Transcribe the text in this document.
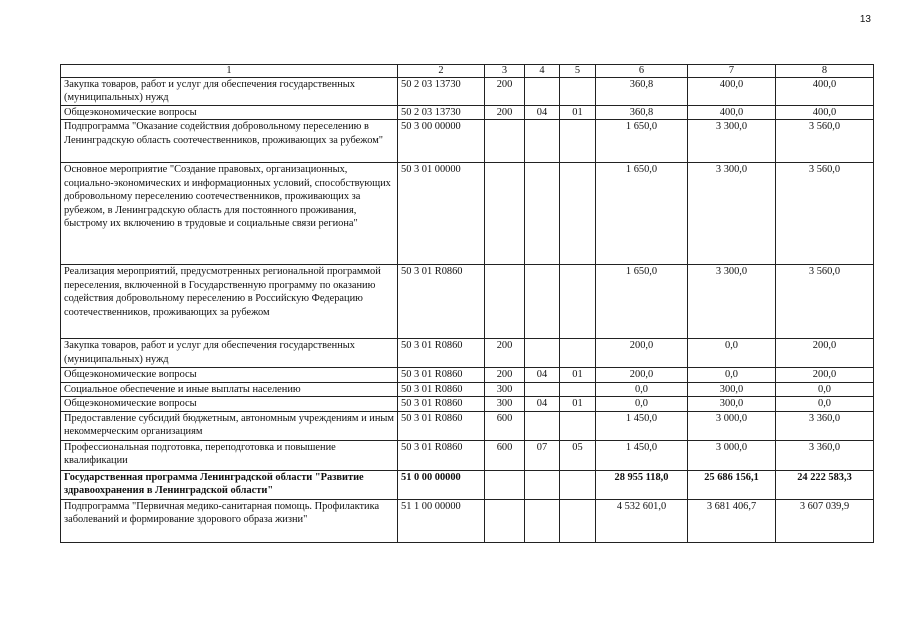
13
1	2	3	4	5	6	7	8
Закупка товаров, работ и услуг для обеспечения государственных (муниципальных) нужд	50 2 03 13730	200			360,8	400,0	400,0
Общеэкономические вопросы	50 2 03 13730	200	04	01	360,8	400,0	400,0
Подпрограмма "Оказание содействия добровольному переселению в Ленинградскую область соотечественников, проживающих за рубежом"	50 3 00 00000				1 650,0	3 300,0	3 560,0
Основное мероприятие "Создание правовых, организационных, социально-экономических и информационных условий, способствующих добровольному переселению соотечественников, проживающих за рубежом, в Ленинградскую область для постоянного проживания, быстрому их включению в трудовые и социальные связи региона"	50 3 01 00000				1 650,0	3 300,0	3 560,0
Реализация мероприятий, предусмотренных региональной программой переселения, включенной в Государственную программу по оказанию содействия добровольному переселению в Российскую Федерацию соотечественников, проживающих за рубежом	50 3 01 R0860				1 650,0	3 300,0	3 560,0
Закупка товаров, работ и услуг для обеспечения государственных (муниципальных) нужд	50 3 01 R0860	200			200,0	0,0	200,0
Общеэкономические вопросы	50 3 01 R0860	200	04	01	200,0	0,0	200,0
Социальное обеспечение и иные выплаты населению	50 3 01 R0860	300			0,0	300,0	0,0
Общеэкономические вопросы	50 3 01 R0860	300	04	01	0,0	300,0	0,0
Предоставление субсидий бюджетным, автономным учреждениям и иным некоммерческим организациям	50 3 01 R0860	600			1 450,0	3 000,0	3 360,0
Профессиональная подготовка, переподготовка и повышение квалификации	50 3 01 R0860	600	07	05	1 450,0	3 000,0	3 360,0
Государственная программа Ленинградской области "Развитие здравоохранения в Ленинградской области"	51 0 00 00000				28 955 118,0	25 686 156,1	24 222 583,3
Подпрограмма "Первичная медико-санитарная помощь. Профилактика заболеваний и формирование здорового образа жизни"	51 1 00 00000				4 532 601,0	3 681 406,7	3 607 039,9
